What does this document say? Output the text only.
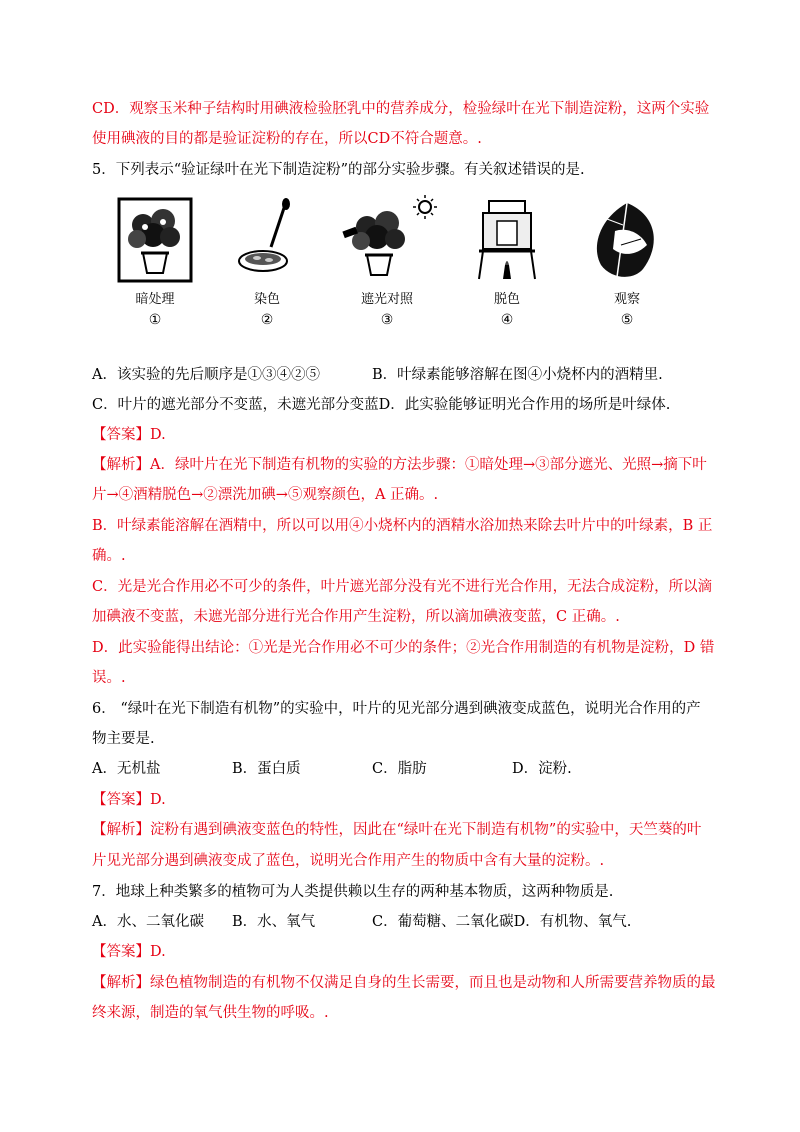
CD．观察玉米种子结构时用碘液检验胚乳中的营养成分，检验绿叶在光下制造淀粉，这两个实验
使用碘液的目的都是验证淀粉的存在，所以CD不符合题意。.
5．下列表示“验证绿叶在光下制造淀粉”的部分实验步骤。有关叙述错误的是.
暗处理
①
染色
②
遮光对照
③
脱色
④
观察
⑤
A．该实验的先后顺序是①③④②⑤	B．叶绿素能够溶解在图④小烧杯内的酒精里.
C．叶片的遮光部分不变蓝，未遮光部分变蓝D．此实验能够证明光合作用的场所是叶绿体.
【答案】D.
【解析】A．绿叶片在光下制造有机物的实验的方法步骤：①暗处理→③部分遮光、光照→摘下叶
片→④酒精脱色→②漂洗加碘→⑤观察颜色，A 正确。.
B．叶绿素能溶解在酒精中，所以可以用④小烧杯内的酒精水浴加热来除去叶片中的叶绿素，B 正
确。.
C．光是光合作用必不可少的条件，叶片遮光部分没有光不进行光合作用，无法合成淀粉，所以滴
加碘液不变蓝，未遮光部分进行光合作用产生淀粉，所以滴加碘液变蓝，C 正确。.
D．此实验能得出结论：①光是光合作用必不可少的条件；②光合作用制造的有机物是淀粉，D 错
误。.
6． “绿叶在光下制造有机物”的实验中，叶片的见光部分遇到碘液变成蓝色，说明光合作用的产
物主要是.
A．无机盐	B．蛋白质	C．脂肪	D．淀粉.
【答案】D.
【解析】淀粉有遇到碘液变蓝色的特性，因此在“绿叶在光下制造有机物”的实验中，天竺葵的叶
片见光部分遇到碘液变成了蓝色，说明光合作用产生的物质中含有大量的淀粉。.
7．地球上种类繁多的植物可为人类提供赖以生存的两种基本物质，这两种物质是.
A．水、二氧化碳 B．水、氧气	C．葡萄糖、二氧化碳D．有机物、氧气.
【答案】D.
【解析】绿色植物制造的有机物不仅满足自身的生长需要，而且也是动物和人所需要营养物质的最
终来源，制造的氧气供生物的呼吸。.
